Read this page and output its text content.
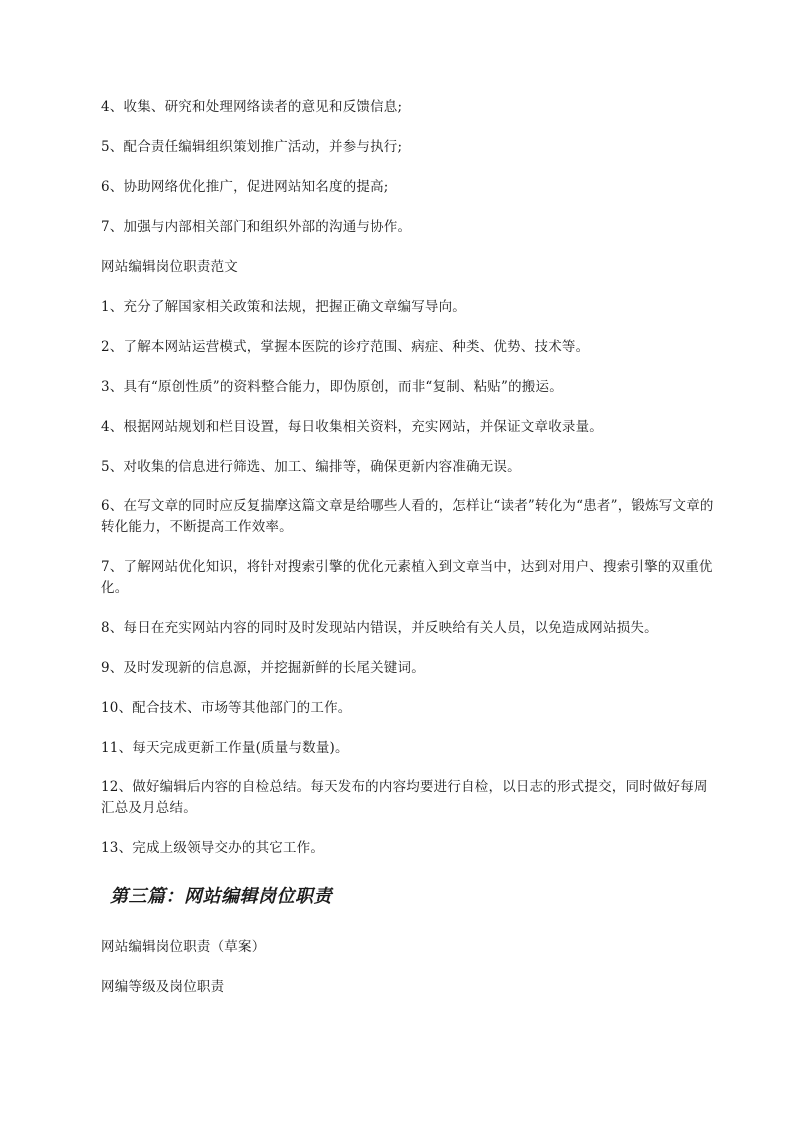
4、收集、研究和处理网络读者的意见和反馈信息;

5、配合责任编辑组织策划推广活动，并参与执行;

6、协助网络优化推广，促进网站知名度的提高;

7、加强与内部相关部门和组织外部的沟通与协作。

网站编辑岗位职责范文

1、充分了解国家相关政策和法规，把握正确文章编写导向。

2、了解本网站运营模式，掌握本医院的诊疗范围、病症、种类、优势、技术等。

3、具有“原创性质”的资料整合能力，即伪原创，而非“复制、粘贴”的搬运。

4、根据网站规划和栏目设置，每日收集相关资料，充实网站，并保证文章收录量。

5、对收集的信息进行筛选、加工、编排等，确保更新内容准确无误。

6、在写文章的同时应反复揣摩这篇文章是给哪些人看的，怎样让“读者”转化为“患者”，锻炼写文章的转化能力，不断提高工作效率。

7、了解网站优化知识，将针对搜索引擎的优化元素植入到文章当中，达到对用户、搜索引擎的双重优化。

8、每日在充实网站内容的同时及时发现站内错误，并反映给有关人员，以免造成网站损失。

9、及时发现新的信息源，并挖掘新鲜的长尾关键词。

10、配合技术、市场等其他部门的工作。

11、每天完成更新工作量(质量与数量)。

12、做好编辑后内容的自检总结。每天发布的内容均要进行自检，以日志的形式提交，同时做好每周汇总及月总结。

13、完成上级领导交办的其它工作。

第三篇：网站编辑岗位职责

网站编辑岗位职责（草案）

网编等级及岗位职责
